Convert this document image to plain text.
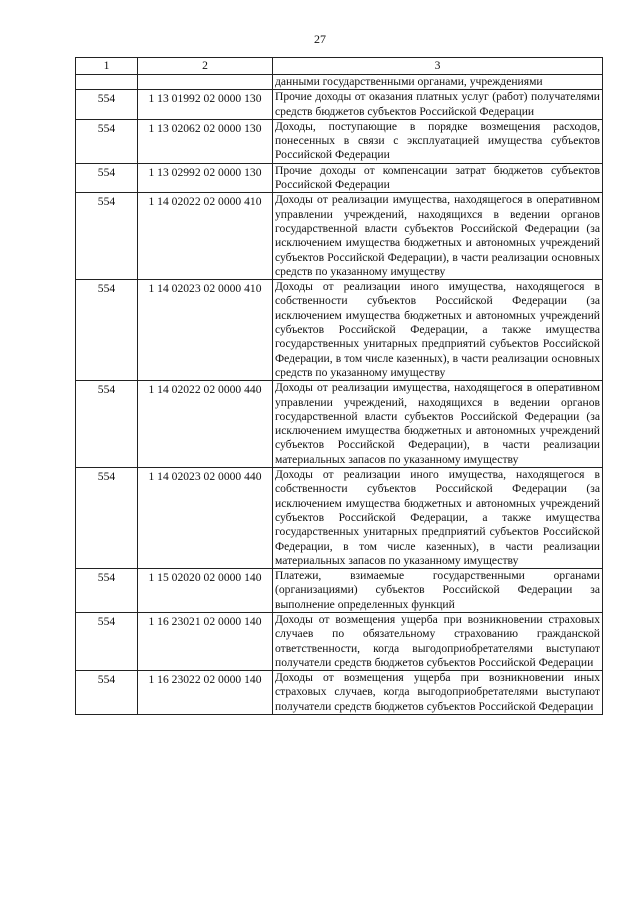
27
1	2	3
		данными государственными органами, учреждениями
554	1 13 01992 02 0000 130	Прочие доходы от оказания платных услуг (работ) получателями средств бюджетов субъектов Российской Федерации
554	1 13 02062 02 0000 130	Доходы, поступающие в порядке возмещения расходов, понесенных в связи с эксплуатацией имущества субъектов Российской Федерации
554	1 13 02992 02 0000 130	Прочие доходы от компенсации затрат бюджетов субъектов Российской Федерации
554	1 14 02022 02 0000 410	Доходы от реализации имущества, находящегося в оперативном управлении учреждений, находящихся в ведении органов государственной власти субъектов Российской Федерации (за исключением имущества бюджетных и автономных учреждений субъектов Российской Федерации), в части реализации основных средств по указанному имуществу
554	1 14 02023 02 0000 410	Доходы от реализации иного имущества, находящегося в собственности субъектов Российской Федерации (за исключением имущества бюджетных и автономных учреждений субъектов Российской Федерации, а также имущества государственных унитарных предприятий субъектов Российской Федерации, в том числе казенных), в части реализации основных средств по указанному имуществу
554	1 14 02022 02 0000 440	Доходы от реализации имущества, находящегося в оперативном управлении учреждений, находящихся в ведении органов государственной власти субъектов Российской Федерации (за исключением имущества бюджетных и автономных учреждений субъектов Российской Федерации), в части реализации материальных запасов по указанному имуществу
554	1 14 02023 02 0000 440	Доходы от реализации иного имущества, находящегося в собственности субъектов Российской Федерации (за исключением имущества бюджетных и автономных учреждений субъектов Российской Федерации, а также имущества государственных унитарных предприятий субъектов Российской Федерации, в том числе казенных), в части реализации материальных запасов по указанному имуществу
554	1 15 02020 02 0000 140	Платежи, взимаемые государственными органами (организациями) субъектов Российской Федерации за выполнение определенных функций
554	1 16 23021 02 0000 140	Доходы от возмещения ущерба при возникновении страховых случаев по обязательному страхованию гражданской ответственности, когда выгодоприобретателями выступают получатели средств бюджетов субъектов Российской Федерации
554	1 16 23022 02 0000 140	Доходы от возмещения ущерба при возникновении иных страховых случаев, когда выгодоприобретателями выступают получатели средств бюджетов субъектов Российской Федерации
